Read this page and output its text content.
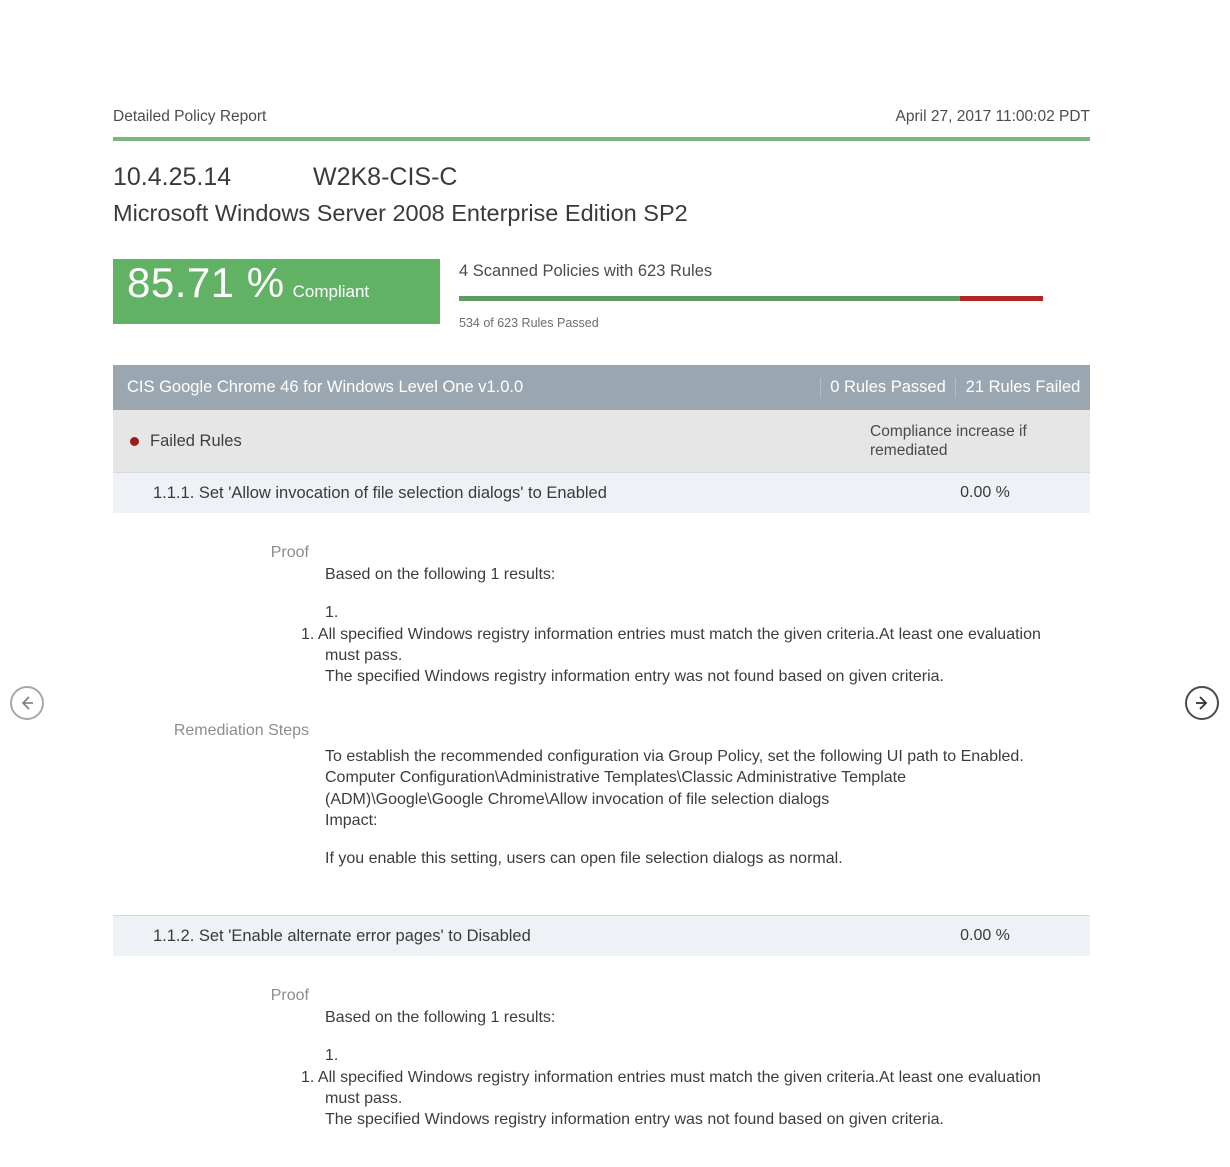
Detailed Policy Report	April 27, 2017 11:00:02 PDT
10.4.25.14	W2K8-CIS-C
Microsoft Windows Server 2008 Enterprise Edition SP2
85.71 % Compliant
4 Scanned Policies with 623 Rules
534 of 623 Rules Passed
CIS Google Chrome 46 for Windows Level One v1.0.0	0 Rules Passed	21 Rules Failed
Failed Rules
Compliance increase if remediated
1.1.1. Set 'Allow invocation of file selection dialogs' to Enabled	0.00 %
Proof

Based on the following 1 results:

1.

1. All specified Windows registry information entries must match the given criteria.At least one evaluation must pass.

The specified Windows registry information entry was not found based on given criteria.

Remediation Steps

To establish the recommended configuration via Group Policy, set the following UI path to Enabled.

Computer Configuration\Administrative Templates\Classic Administrative Template (ADM)\Google\Google Chrome\Allow invocation of file selection dialogs

Impact:

If you enable this setting, users can open file selection dialogs as normal.

1.1.2. Set 'Enable alternate error pages' to Disabled	0.00 %
Proof

Based on the following 1 results:

1.

1. All specified Windows registry information entries must match the given criteria.At least one evaluation must pass.

The specified Windows registry information entry was not found based on given criteria.
